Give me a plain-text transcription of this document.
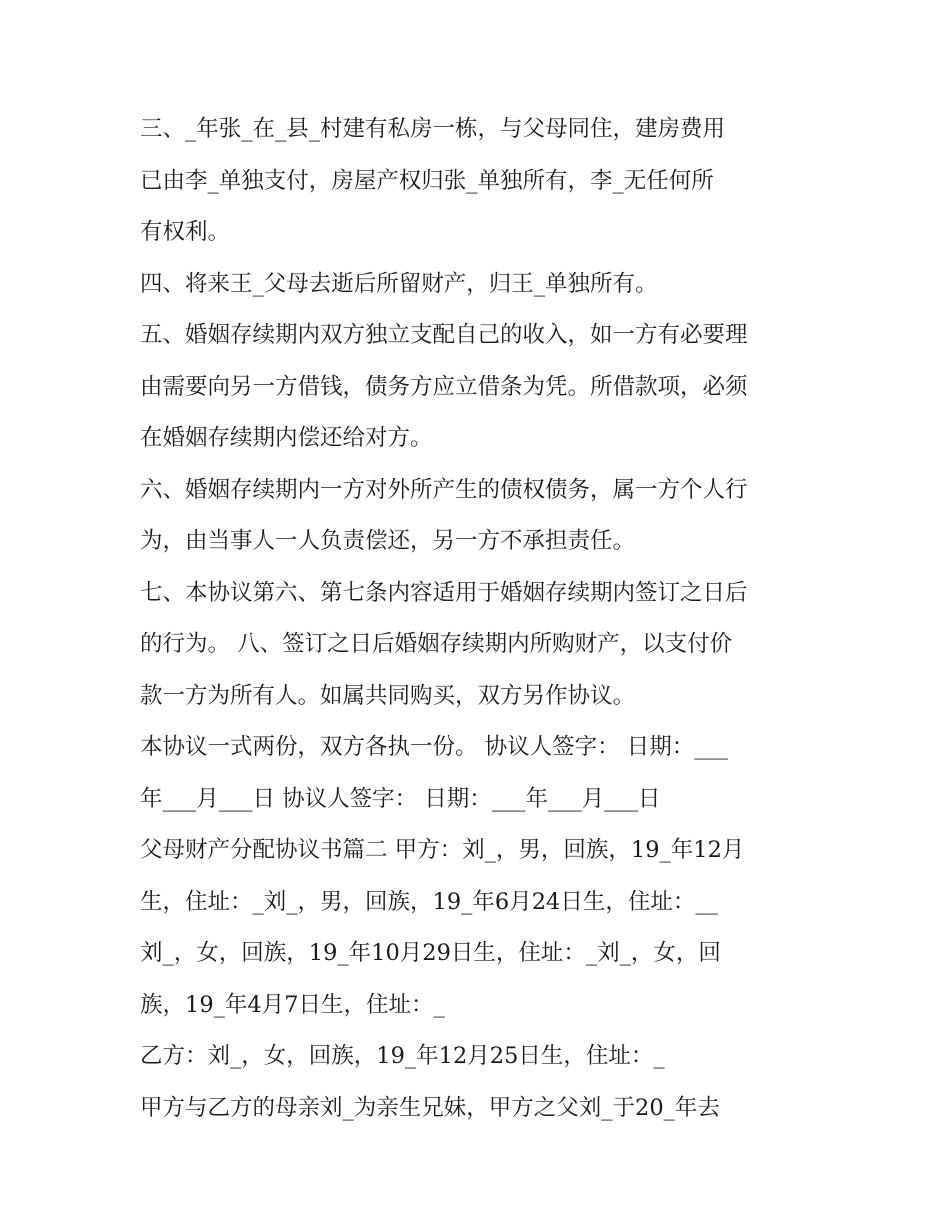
三、_年张_在_县_村建有私房一栋，与父母同住，建房费用
已由李_单独支付，房屋产权归张_单独所有，李_无任何所
有权利。
四、将来王_父母去逝后所留财产，归王_单独所有。
五、婚姻存续期内双方独立支配自己的收入，如一方有必要理
由需要向另一方借钱，债务方应立借条为凭。所借款项，必须
在婚姻存续期内偿还给对方。
六、婚姻存续期内一方对外所产生的债权债务，属一方个人行
为，由当事人一人负责偿还，另一方不承担责任。
七、本协议第六、第七条内容适用于婚姻存续期内签订之日后
的行为。 八、签订之日后婚姻存续期内所购财产，以支付价
款一方为所有人。如属共同购买，双方另作协议。
本协议一式两份，双方各执一份。 协议人签字： 日期：___
年___月___日 协议人签字： 日期：___年___月___日
父母财产分配协议书篇二 甲方：刘_，男，回族，19_年12月
生，住址：_刘_，男，回族，19_年6月24日生，住址：__
刘_，女，回族，19_年10月29日生，住址：_刘_，女，回
族，19_年4月7日生，住址：_
乙方：刘_，女，回族，19_年12月25日生，住址：_
甲方与乙方的母亲刘_为亲生兄妹，甲方之父刘_于20_年去
